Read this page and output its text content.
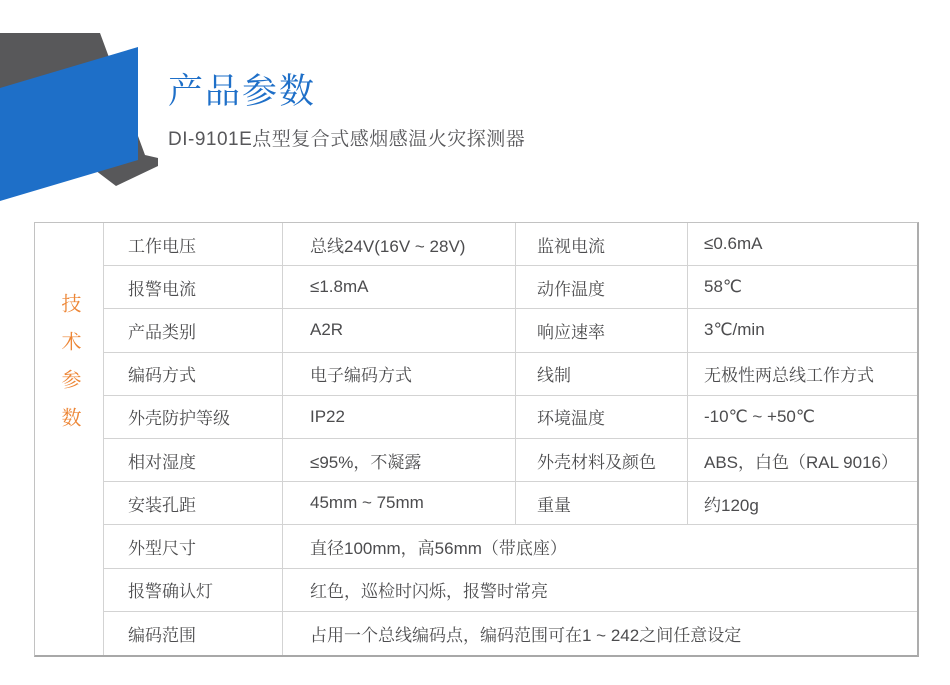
产品参数
DI-9101E点型复合式感烟感温火灾探测器
技术参数
工作电压	总线24V(16V ~ 28V)	监视电流	≤0.6mA
报警电流	≤1.8mA	动作温度	58℃
产品类别	A2R	响应速率	3℃/min
编码方式	电子编码方式	线制	无极性两总线工作方式
外壳防护等级	IP22	环境温度	-10℃ ~ +50℃
相对湿度	≤95%，不凝露	外壳材料及颜色	ABS，白色（RAL 9016）
安装孔距	45mm ~ 75mm	重量	约120g
外型尺寸	直径100mm，高56mm（带底座）
报警确认灯	红色，巡检时闪烁，报警时常亮
编码范围	占用一个总线编码点，编码范围可在1 ~ 242之间任意设定
